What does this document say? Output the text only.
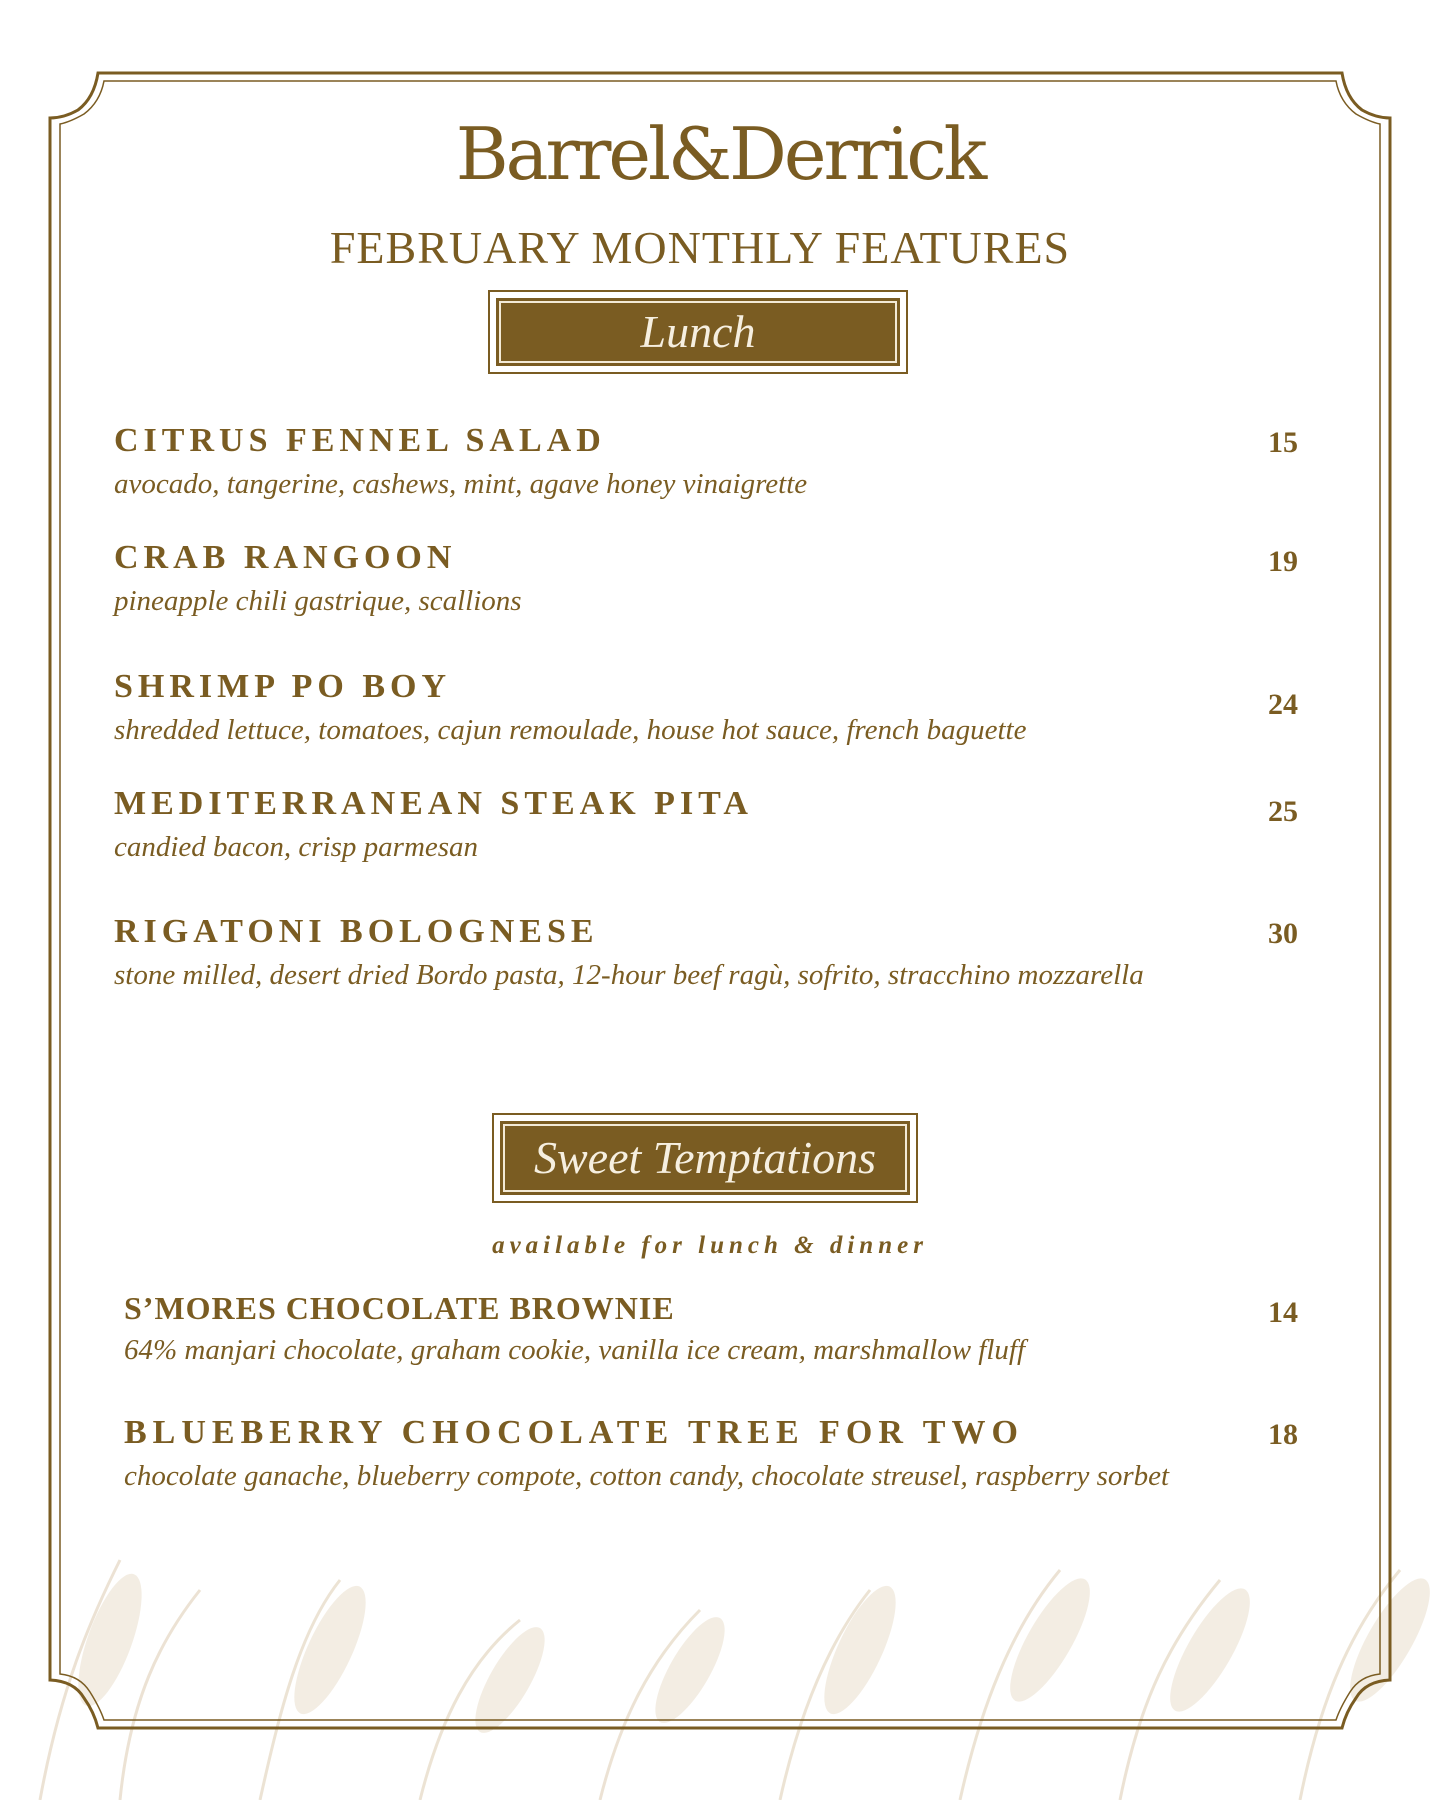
Barrel&Derrick
FEBRUARY MONTHLY FEATURES
Lunch
CITRUS FENNEL SALAD
avocado, tangerine, cashews, mint, agave honey vinaigrette
15
CRAB RANGOON
pineapple chili gastrique, scallions
19
SHRIMP PO BOY
shredded lettuce, tomatoes, cajun remoulade, house hot sauce, french baguette
24
MEDITERRANEAN STEAK PITA
candied bacon, crisp parmesan
25
RIGATONI BOLOGNESE
stone milled, desert dried Bordo pasta, 12-hour beef ragù, sofrito, stracchino mozzarella
30
Sweet Temptations
available for lunch & dinner
S’MORES CHOCOLATE BROWNIE
64% manjari chocolate, graham cookie, vanilla ice cream, marshmallow fluff
14
BLUEBERRY CHOCOLATE TREE FOR TWO
chocolate ganache, blueberry compote, cotton candy, chocolate streusel, raspberry sorbet
18
